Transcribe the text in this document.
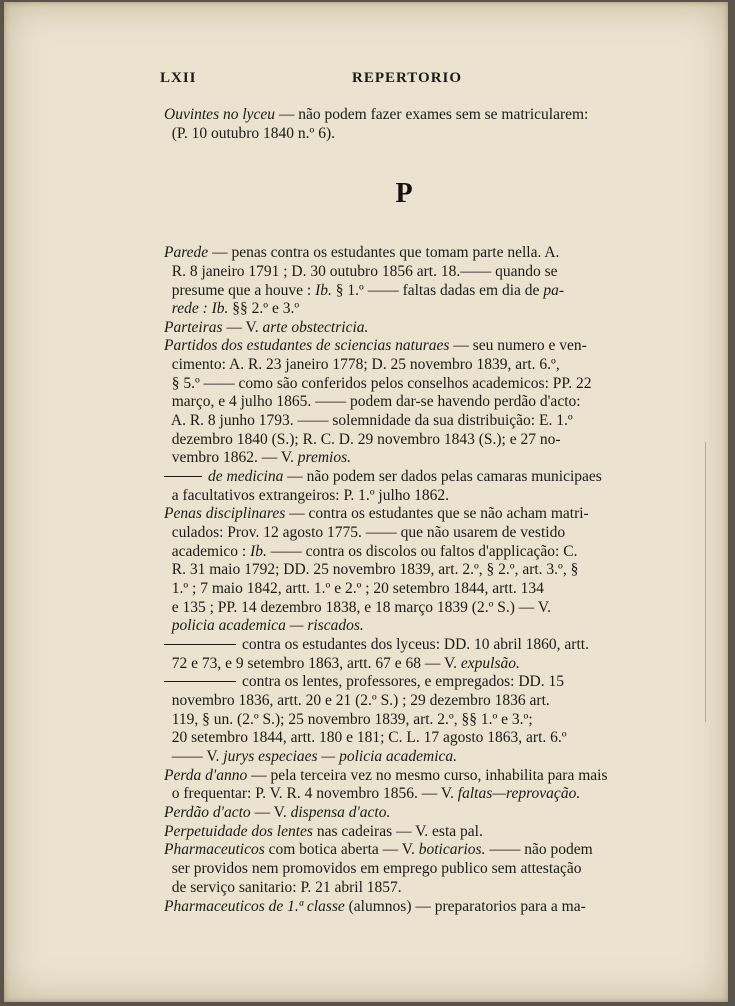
LXII	REPERTORIO
P
Ouvintes no lyceu — não podem fazer exames sem se matricularem:
(P. 10 outubro 1840 n.º 6).
Parede — penas contra os estudantes que tomam parte nella. A.
R. 8 janeiro 1791 ; D. 30 outubro 1856 art. 18.—— quando se
presume que a houve : Ib. § 1.º —— faltas dadas em dia de pa-
rede : Ib. §§ 2.º e 3.º
Parteiras — V. arte obstectricia.
Partidos dos estudantes de sciencias naturaes — seu numero e ven-
cimento: A. R. 23 janeiro 1778; D. 25 novembro 1839, art. 6.º,
§ 5.º —— como são conferidos pelos conselhos academicos: PP. 22
março, e 4 julho 1865. —— podem dar-se havendo perdão d'acto:
A. R. 8 junho 1793. —— solemnidade da sua distribuição: E. 1.º
dezembro 1840 (S.); R. C. D. 29 novembro 1843 (S.); e 27 no-
vembro 1862. — V. premios.
de medicina — não podem ser dados pelas camaras municipaes
a facultativos extrangeiros: P. 1.º julho 1862.
Penas disciplinares — contra os estudantes que se não acham matri-
culados: Prov. 12 agosto 1775. —— que não usarem de vestido
academico : Ib. —— contra os discolos ou faltos d'applicação: C.
R. 31 maio 1792; DD. 25 novembro 1839, art. 2.º, § 2.º, art. 3.º, §
1.º ; 7 maio 1842, artt. 1.º e 2.º ; 20 setembro 1844, artt. 134
e 135 ; PP. 14 dezembro 1838, e 18 março 1839 (2.º S.) — V.
policia academica — riscados.
contra os estudantes dos lyceus: DD. 10 abril 1860, artt.
72 e 73, e 9 setembro 1863, artt. 67 e 68 — V. expulsão.
contra os lentes, professores, e empregados: DD. 15
novembro 1836, artt. 20 e 21 (2.º S.) ; 29 dezembro 1836 art.
119, § un. (2.º S.); 25 novembro 1839, art. 2.º, §§ 1.º e 3.º;
20 setembro 1844, artt. 180 e 181; C. L. 17 agosto 1863, art. 6.º
—— V. jurys especiaes — policia academica.
Perda d'anno — pela terceira vez no mesmo curso, inhabilita para mais
o frequentar: P. V. R. 4 novembro 1856. — V. faltas—reprovação.
Perdão d'acto — V. dispensa d'acto.
Perpetuidade dos lentes nas cadeiras — V. esta pal.
Pharmaceuticos com botica aberta — V. boticarios. —— não podem
ser providos nem promovidos em emprego publico sem attestação
de serviço sanitario: P. 21 abril 1857.
Pharmaceuticos de 1.ª classe (alumnos) — preparatorios para a ma-
